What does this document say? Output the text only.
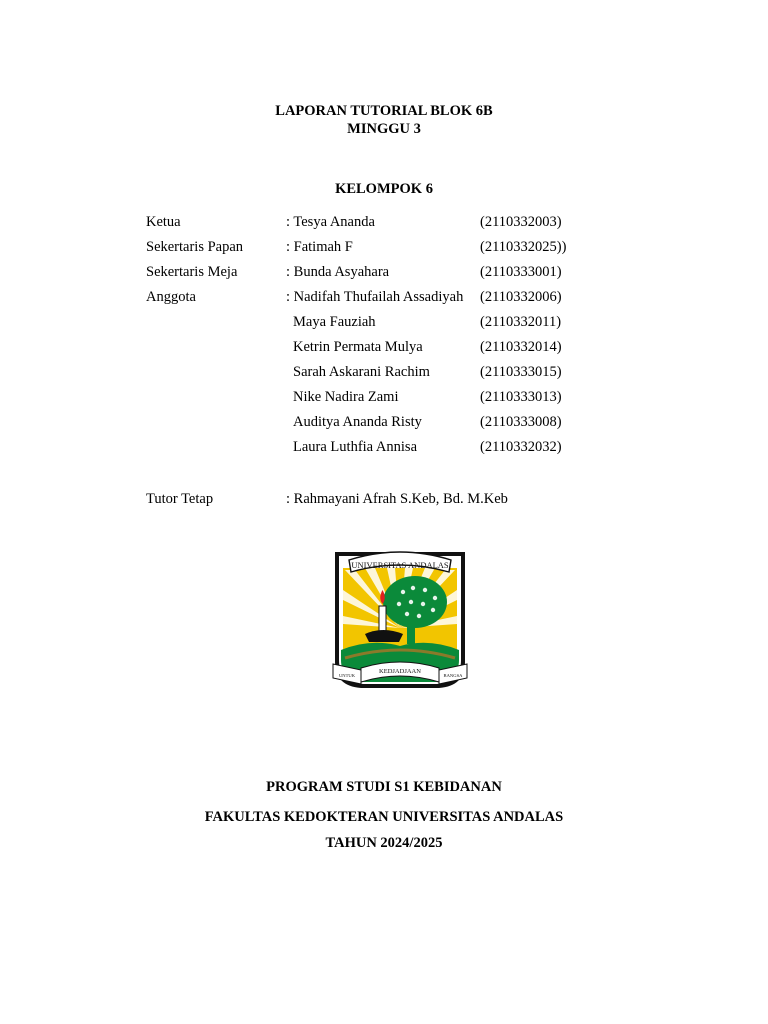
LAPORAN TUTORIAL BLOK 6B
MINGGU 3
KELOMPOK 6
Ketua	: Tesya Ananda	(2110332003)
Sekertaris Papan	: Fatimah F	(2110332025))
Sekertaris Meja	: Bunda Asyahara	(2110333001)
Anggota	: Nadifah Thufailah Assadiyah (2110332006)
Maya Fauziah	(2110332011)
Ketrin Permata Mulya	(2110332014)
Sarah Askarani Rachim	(2110333015)
Nike Nadira Zami	(2110333013)
Auditya Ananda Risty	(2110333008)
Laura Luthfia Annisa	(2110332032)
Tutor Tetap	: Rahmayani Afrah S.Keb, Bd. M.Keb
UNIVERSITAS ANDALAS
UNTUK
KEDJADJAAN
BANGSA
PROGRAM STUDI S1 KEBIDANAN
FAKULTAS KEDOKTERAN UNIVERSITAS ANDALAS
TAHUN 2024/2025
